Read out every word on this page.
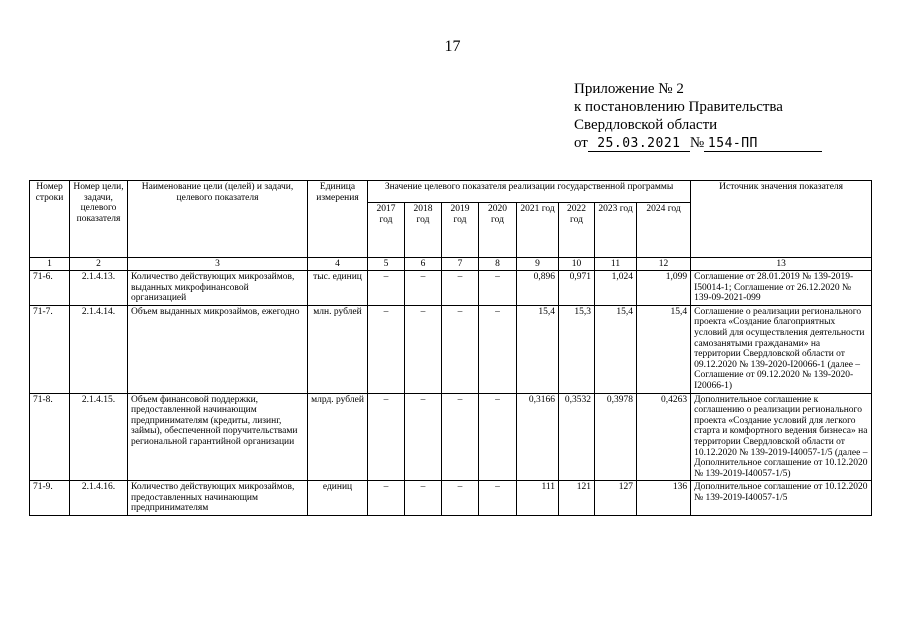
17
Приложение № 2
к постановлению Правительства
Свердловской области
от 25.03.2021 № 154-ПП
Номер строки	Номер цели, задачи, целевого показателя	Наименование цели (целей) и задачи, целевого показателя	Единица измерения	Значение целевого показателя реализации государственной программы								Источник значения показателя
				2017 год	2018 год	2019 год	2020 год	2021 год	2022 год	2023 год	2024 год	
1	2	3	4	5	6	7	8	9	10	11	12	13
71-6.	2.1.4.13.	Количество действующих микрозаймов, выданных микрофинансовой организацией	тыс. единиц	–	–	–	–	0,896	0,971	1,024	1,099	Соглашение от 28.01.2019 № 139-2019-I50014-1; Соглашение от 26.12.2020 № 139-09-2021-099
71-7.	2.1.4.14.	Объем выданных микрозаймов, ежегодно	млн. рублей	–	–	–	–	15,4	15,3	15,4	15,4	Соглашение о реализации регионального проекта «Создание благоприятных условий для осуществления деятельности самозанятыми гражданами» на территории Свердловской области от 09.12.2020 № 139-2020-I20066-1 (далее – Соглашение от 09.12.2020 № 139-2020-I20066-1)
71-8.	2.1.4.15.	Объем финансовой поддержки, предоставленной начинающим предпринимателям (кредиты, лизинг, займы), обеспеченной поручительствами региональной гарантийной организации	млрд. рублей	–	–	–	–	0,3166	0,3532	0,3978	0,4263	Дополнительное соглашение к соглашению о реализации регионального проекта «Создание условий для легкого старта и комфортного ведения бизнеса» на территории Свердловской области от 10.12.2020 № 139-2019-I40057-1/5 (далее – Дополнительное соглашение от 10.12.2020 № 139-2019-I40057-1/5)
71-9.	2.1.4.16.	Количество действующих микрозаймов, предоставленных начинающим предпринимателям	единиц	–	–	–	–	111	121	127	136	Дополнительное соглашение от 10.12.2020 № 139-2019-I40057-1/5
